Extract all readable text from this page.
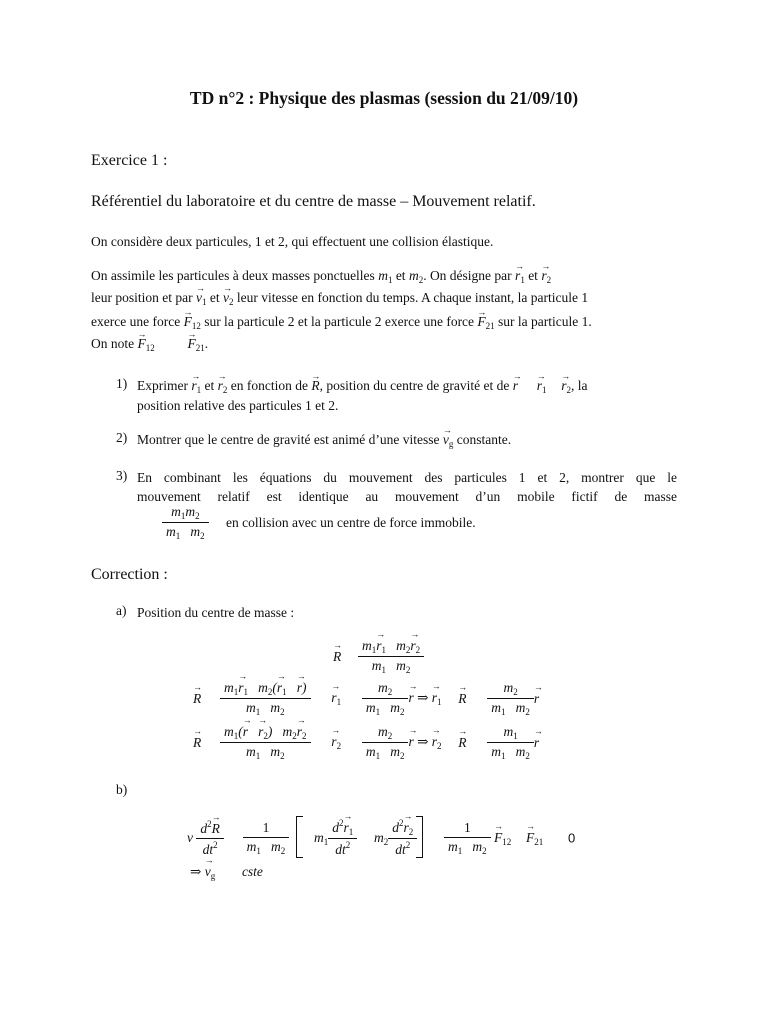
TD n°2 : Physique des plasmas (session du 21/09/10)
Exercice 1 :
Référentiel du laboratoire et du centre de masse – Mouvement relatif.
On considère deux particules, 1 et 2, qui effectuent une collision élastique.
On assimile les particules à deux masses ponctuelles $m_1$ et $m_2$. On désigne par → $r_1$ et → $r_2$
leur position et par → $v_1$ et → $v_2$ leur vitesse en fonction du temps. A chaque instant, la particule 1
exerce une force → $F_{12}$ sur la particule 2 et la particule 2 exerce une force → $F_{21}$ sur la particule 1.
On note → $F_{12} \to F_{21}$.
1) Exprimer → $r_1$ et → $r_2$ en fonction de → R, position du centre de gravité et de → $r \to r_1 \to r_2$, la
position relative des particules 1 et 2.
2) Montrer que le centre de gravité est animé d’une vitesse → $v_g$ constante.
3) En combinant les équations du mouvement des particules 1 et 2, montrer que le
mouvement relatif est identique au mouvement d’un mobile fictif de masse
$\frac{m_1m_2}{m_1 m_2}$ en collision avec un centre de force immobile.
Correction :
a) Position du centre de masse :
→ R $\frac{m_1\to r_1 m_2\to r_2}{m_1 m_2}$
→ R $\frac{m_1\to r_1 m_2(\to r_1 \to r)}{m_1 m_2}$
→ $r_1 \frac{m_2}{m_1 m_2}$
→ r ⇒ → $r_1 \to R \frac{m_2}{m_1 m_2}$
→ r
→ R $\frac{m_1(\to r \to r_2) m_2\to r_2}{m_1 m_2}$
→ $r_2 \frac{m_2}{m_1 m_2}$
→ r ⇒ → $r_2 \to R \frac{m_1}{m_1 m_2}$
→ r
b)
v $\frac{d^2\to R}{dt^2}$
$\frac{1}{m_1 m_2} m_1 \frac{d^2\to r_1}{dt^2} m_2 \frac{d^2\to r_2}{dt^2}$
$\frac{1}{m_1 m_2}$
→ $F_{12} \to F_{21}$ 0
⇒ → $v_g$ cste
